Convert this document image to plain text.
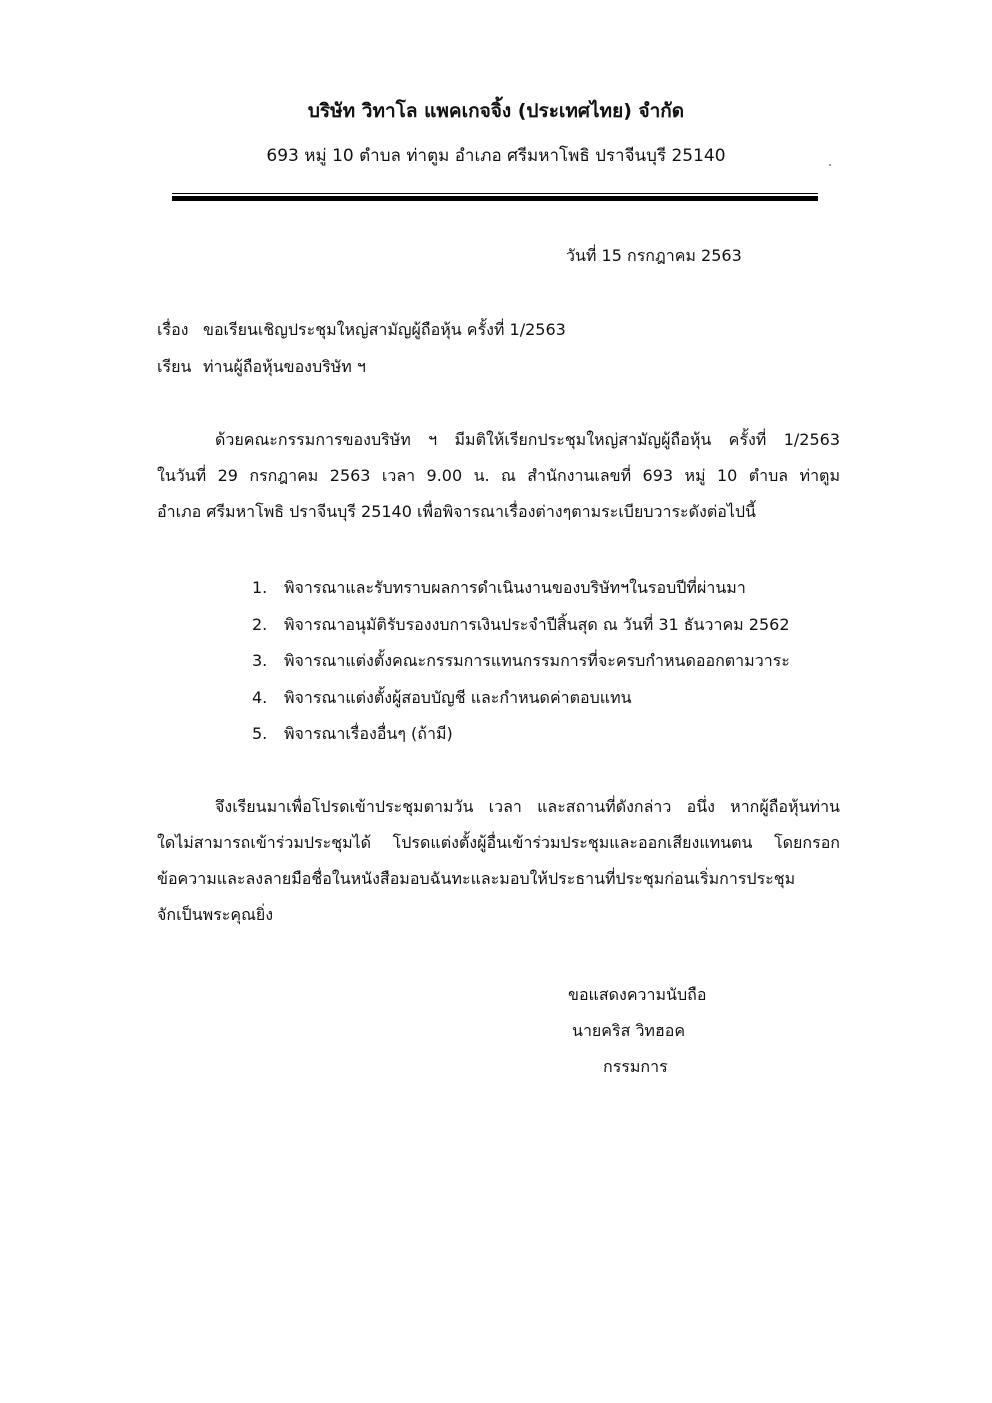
บริษัท วิทาโล แพคเกจจิ้ง (ประเทศไทย) จำกัด
693 หมู่ 10 ตำบล ท่าตูม อำเภอ ศรีมหาโพธิ ปราจีนบุรี 25140
วันที่ 15 กรกฎาคม 2563
เรื่อง ขอเรียนเชิญประชุมใหญ่สามัญผู้ถือหุ้น ครั้งที่ 1/2563
เรียน ท่านผู้ถือหุ้นของบริษัท ฯ
ด้วยคณะกรรมการของบริษัท ฯ มีมติให้เรียกประชุมใหญ่สามัญผู้ถือหุ้น ครั้งที่ 1/2563
ในวันที่ 29 กรกฎาคม 2563 เวลา 9.00 น. ณ สำนักงานเลขที่ 693 หมู่ 10 ตำบล ท่าตูม
อำเภอ ศรีมหาโพธิ ปราจีนบุรี 25140 เพื่อพิจารณาเรื่องต่างๆตามระเบียบวาระดังต่อไปนี้
1. พิจารณาและรับทราบผลการดำเนินงานของบริษัทฯในรอบปีที่ผ่านมา
2. พิจารณาอนุมัติรับรองงบการเงินประจำปีสิ้นสุด ณ วันที่ 31 ธันวาคม 2562
3. พิจารณาแต่งตั้งคณะกรรมการแทนกรรมการที่จะครบกำหนดออกตามวาระ
4. พิจารณาแต่งตั้งผู้สอบบัญชี และกำหนดค่าตอบแทน
5. พิจารณาเรื่องอื่นๆ (ถ้ามี)
จึงเรียนมาเพื่อโปรดเข้าประชุมตามวัน เวลา และสถานที่ดังกล่าว อนึ่ง หากผู้ถือหุ้นท่าน
ใดไม่สามารถเข้าร่วมประชุมได้ โปรดแต่งตั้งผู้อื่นเข้าร่วมประชุมและออกเสียงแทนตน โดยกรอก
ข้อความและลงลายมือชื่อในหนังสือมอบฉันทะและมอบให้ประธานที่ประชุมก่อนเริ่มการประชุม
จักเป็นพระคุณยิ่ง
ขอแสดงความนับถือ
นายคริส วิทฮอค
กรรมการ
